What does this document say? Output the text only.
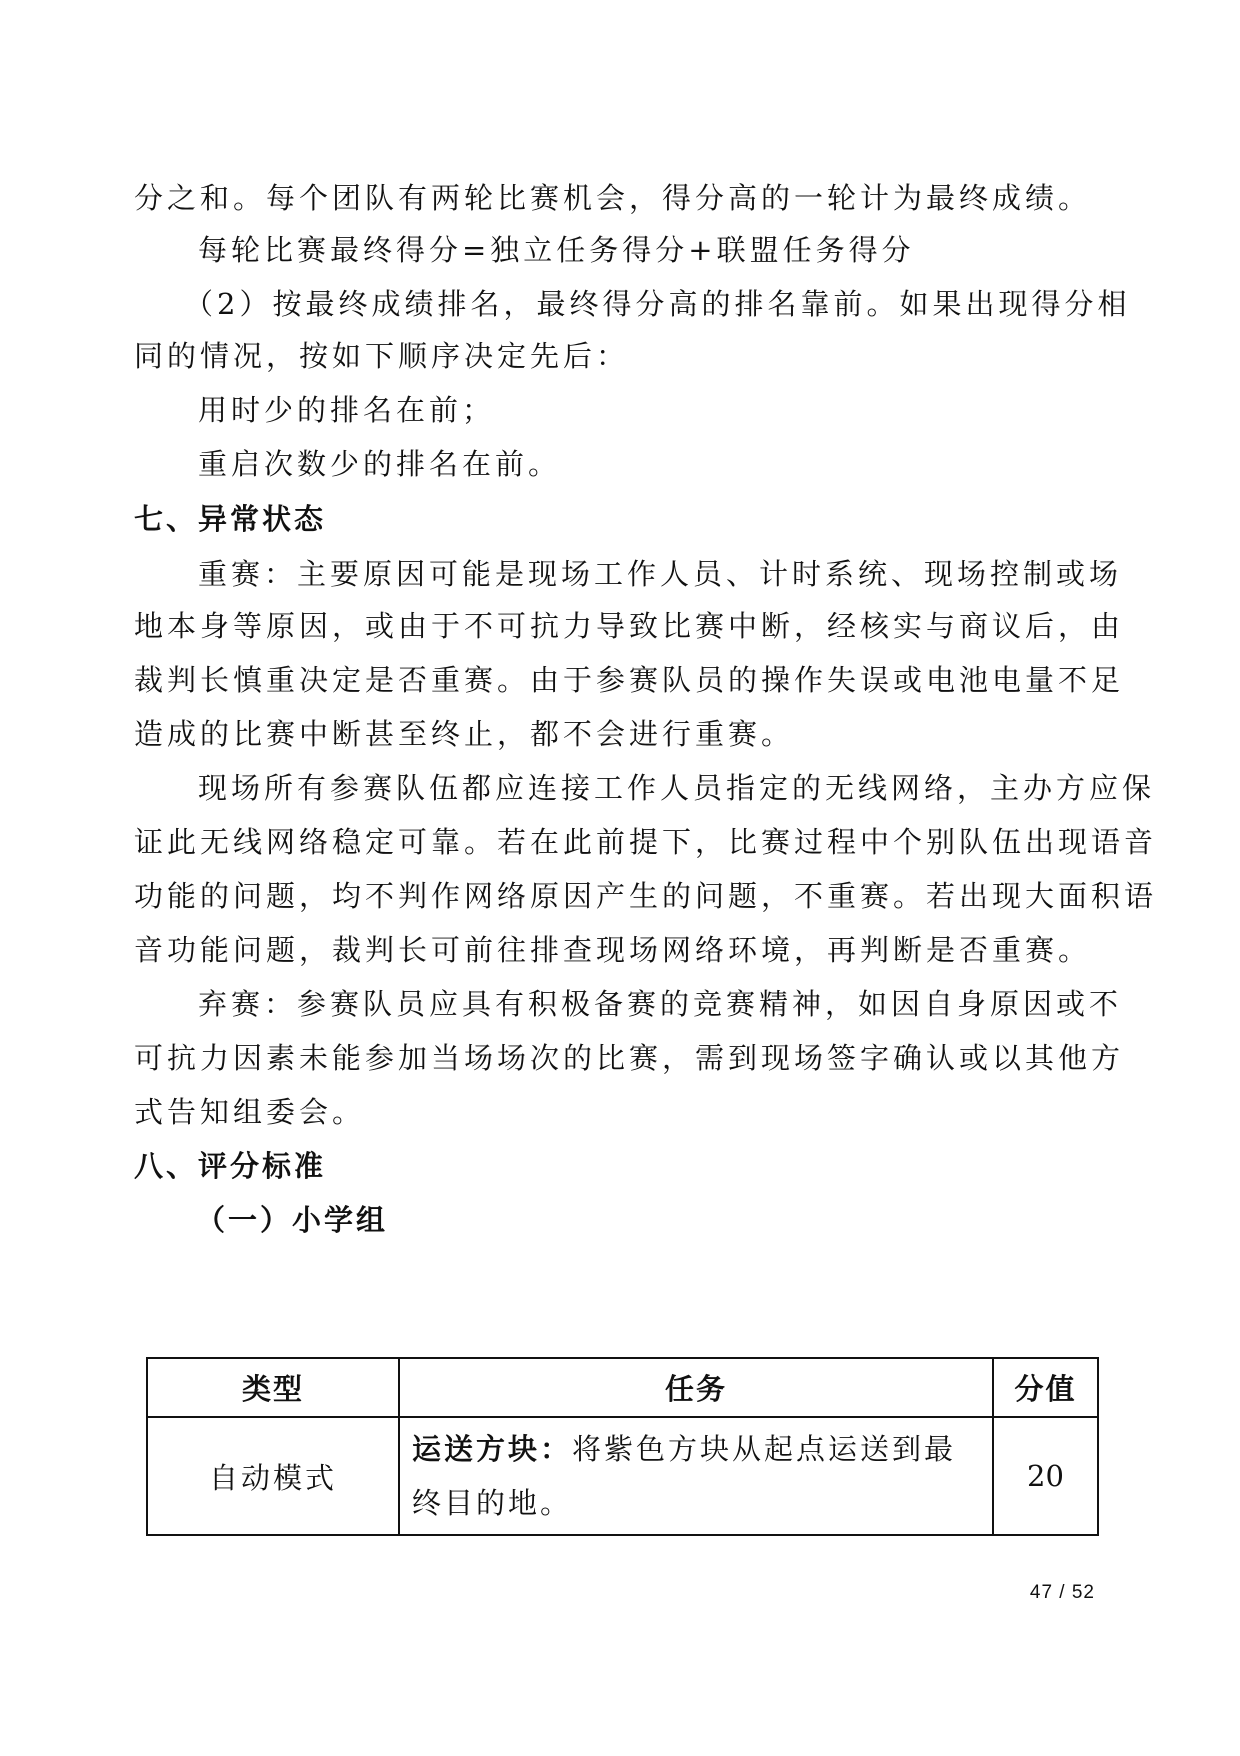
分之和。每个团队有两轮比赛机会，得分高的一轮计为最终成绩。
每轮比赛最终得分=独立任务得分+联盟任务得分
（2）按最终成绩排名，最终得分高的排名靠前。如果出现得分相
同的情况，按如下顺序决定先后：
用时少的排名在前；
重启次数少的排名在前。
七、异常状态
重赛：主要原因可能是现场工作人员、计时系统、现场控制或场
地本身等原因，或由于不可抗力导致比赛中断，经核实与商议后，由
裁判长慎重决定是否重赛。由于参赛队员的操作失误或电池电量不足
造成的比赛中断甚至终止，都不会进行重赛。
现场所有参赛队伍都应连接工作人员指定的无线网络，主办方应保
证此无线网络稳定可靠。若在此前提下，比赛过程中个别队伍出现语音
功能的问题，均不判作网络原因产生的问题，不重赛。若出现大面积语
音功能问题，裁判长可前往排查现场网络环境，再判断是否重赛。
弃赛：参赛队员应具有积极备赛的竞赛精神，如因自身原因或不
可抗力因素未能参加当场场次的比赛，需到现场签字确认或以其他方
式告知组委会。
八、评分标准
（一）小学组
类型	任务	分值
自动模式	运送方块：将紫色方块从起点运送到最终目的地。	20
47 / 52
